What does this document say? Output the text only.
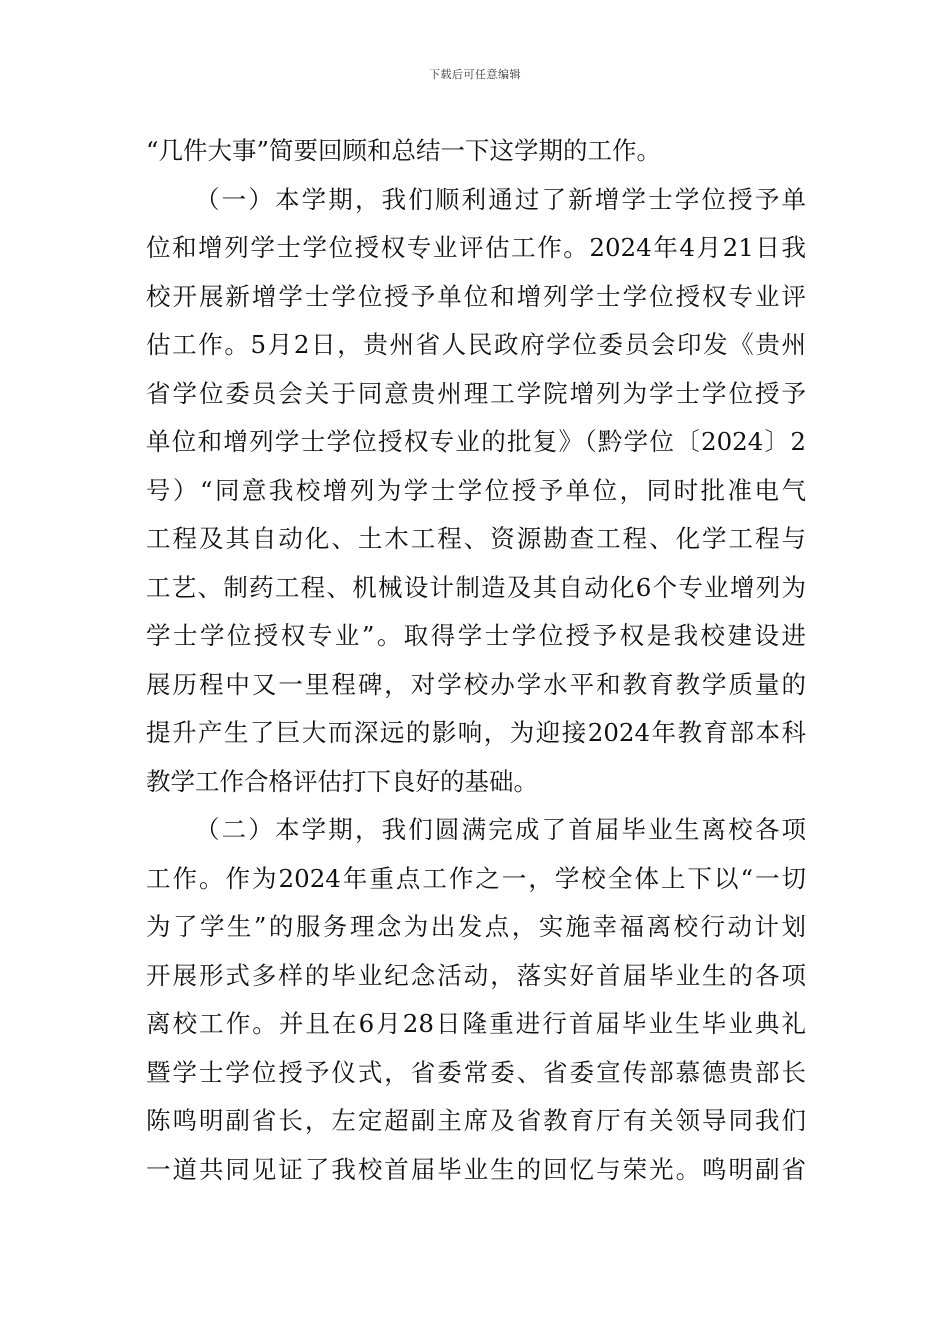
下载后可任意编辑
“几件大事”简要回顾和总结一下这学期的工作。
（一）本学期，我们顺利通过了新增学士学位授予单
位和增列学士学位授权专业评估工作。2024年4月21日我
校开展新增学士学位授予单位和增列学士学位授权专业评
估工作。5月2日，贵州省人民政府学位委员会印发《贵州
省学位委员会关于同意贵州理工学院增列为学士学位授予
单位和增列学士学位授权专业的批复》（黔学位〔2024〕2
号）“同意我校增列为学士学位授予单位，同时批准电气
工程及其自动化、土木工程、资源勘查工程、化学工程与
工艺、制药工程、机械设计制造及其自动化6个专业增列为
学士学位授权专业”。取得学士学位授予权是我校建设进
展历程中又一里程碑，对学校办学水平和教育教学质量的
提升产生了巨大而深远的影响，为迎接2024年教育部本科
教学工作合格评估打下良好的基础。
（二）本学期，我们圆满完成了首届毕业生离校各项
工作。作为2024年重点工作之一，学校全体上下以“一切
为了学生”的服务理念为出发点，实施幸福离校行动计划
开展形式多样的毕业纪念活动，落实好首届毕业生的各项
离校工作。并且在6月28日隆重进行首届毕业生毕业典礼
暨学士学位授予仪式，省委常委、省委宣传部慕德贵部长
陈鸣明副省长，左定超副主席及省教育厅有关领导同我们
一道共同见证了我校首届毕业生的回忆与荣光。鸣明副省
